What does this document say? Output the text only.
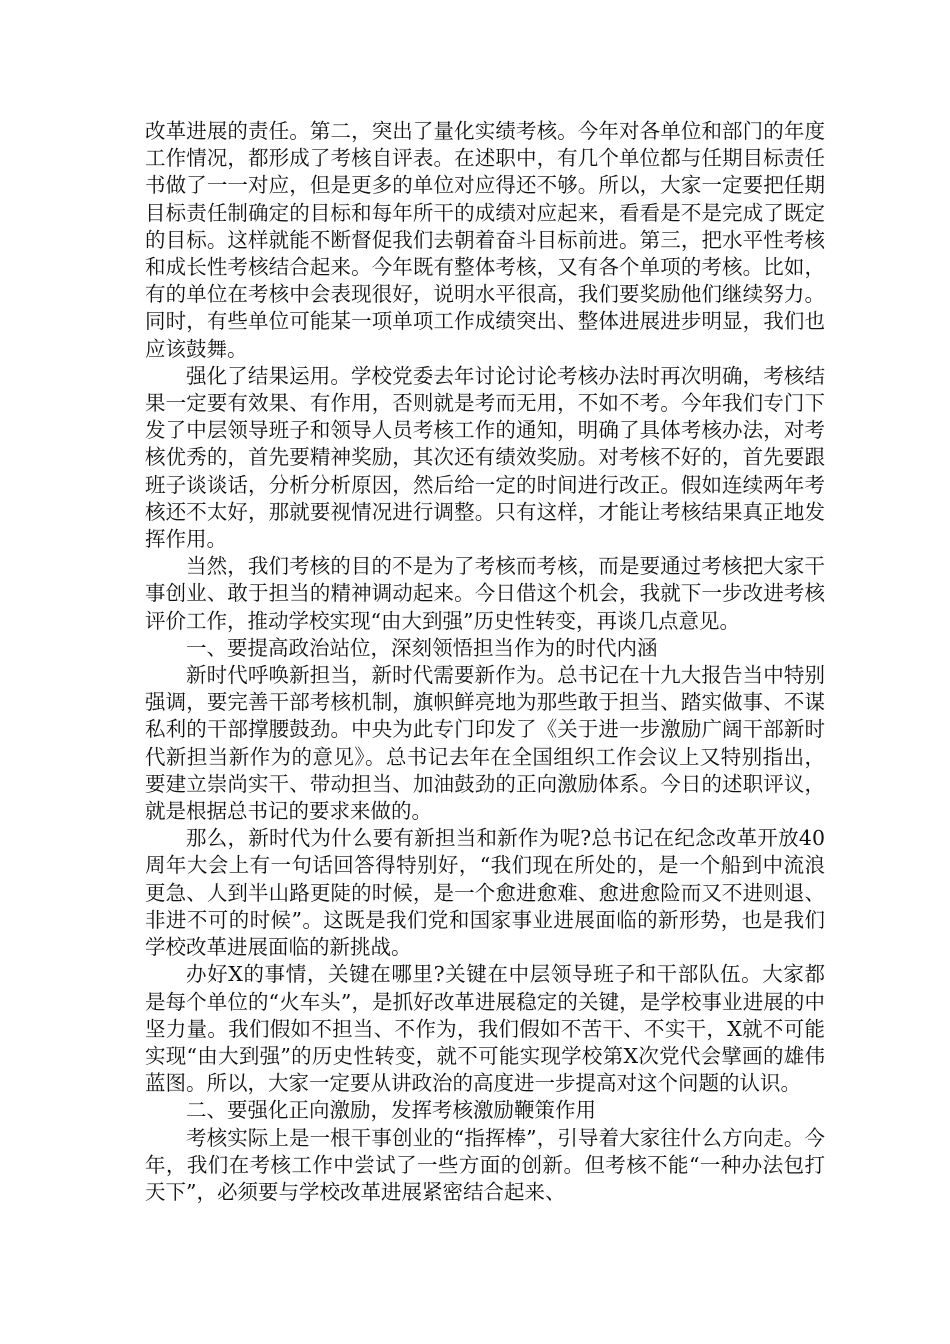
改革进展的责任。第二，突出了量化实绩考核。今年对各单位和部门的年度工作情况，都形成了考核自评表。在述职中，有几个单位都与任期目标责任书做了一一对应，但是更多的单位对应得还不够。所以，大家一定要把任期目标责任制确定的目标和每年所干的成绩对应起来，看看是不是完成了既定的目标。这样就能不断督促我们去朝着奋斗目标前进。第三，把水平性考核和成长性考核结合起来。今年既有整体考核，又有各个单项的考核。比如，有的单位在考核中会表现很好，说明水平很高，我们要奖励他们继续努力。同时，有些单位可能某一项单项工作成绩突出、整体进展进步明显，我们也应该鼓舞。

强化了结果运用。学校党委去年讨论讨论考核办法时再次明确，考核结果一定要有效果、有作用，否则就是考而无用，不如不考。今年我们专门下发了中层领导班子和领导人员考核工作的通知，明确了具体考核办法，对考核优秀的，首先要精神奖励，其次还有绩效奖励。对考核不好的，首先要跟班子谈谈话，分析分析原因，然后给一定的时间进行改正。假如连续两年考核还不太好，那就要视情况进行调整。只有这样，才能让考核结果真正地发挥作用。

当然，我们考核的目的不是为了考核而考核，而是要通过考核把大家干事创业、敢于担当的精神调动起来。今日借这个机会，我就下一步改进考核评价工作，推动学校实现“由大到强”历史性转变，再谈几点意见。

一、要提高政治站位，深刻领悟担当作为的时代内涵

新时代呼唤新担当，新时代需要新作为。总书记在十九大报告当中特别强调，要完善干部考核机制，旗帜鲜亮地为那些敢于担当、踏实做事、不谋私利的干部撑腰鼓劲。中央为此专门印发了《关于进一步激励广阔干部新时代新担当新作为的意见》。总书记去年在全国组织工作会议上又特别指出，要建立崇尚实干、带动担当、加油鼓劲的正向激励体系。今日的述职评议，就是根据总书记的要求来做的。

那么，新时代为什么要有新担当和新作为呢?总书记在纪念改革开放40周年大会上有一句话回答得特别好，“我们现在所处的，是一个船到中流浪更急、人到半山路更陡的时候，是一个愈进愈难、愈进愈险而又不进则退、非进不可的时候”。这既是我们党和国家事业进展面临的新形势，也是我们学校改革进展面临的新挑战。

办好X的事情，关键在哪里?关键在中层领导班子和干部队伍。大家都是每个单位的“火车头”，是抓好改革进展稳定的关键，是学校事业进展的中坚力量。我们假如不担当、不作为，我们假如不苦干、不实干，X就不可能实现“由大到强”的历史性转变，就不可能实现学校第X次党代会擘画的雄伟蓝图。所以，大家一定要从讲政治的高度进一步提高对这个问题的认识。

二、要强化正向激励，发挥考核激励鞭策作用

考核实际上是一根干事创业的“指挥棒”，引导着大家往什么方向走。今年，我们在考核工作中尝试了一些方面的创新。但考核不能“一种办法包打天下”，必须要与学校改革进展紧密结合起来、
